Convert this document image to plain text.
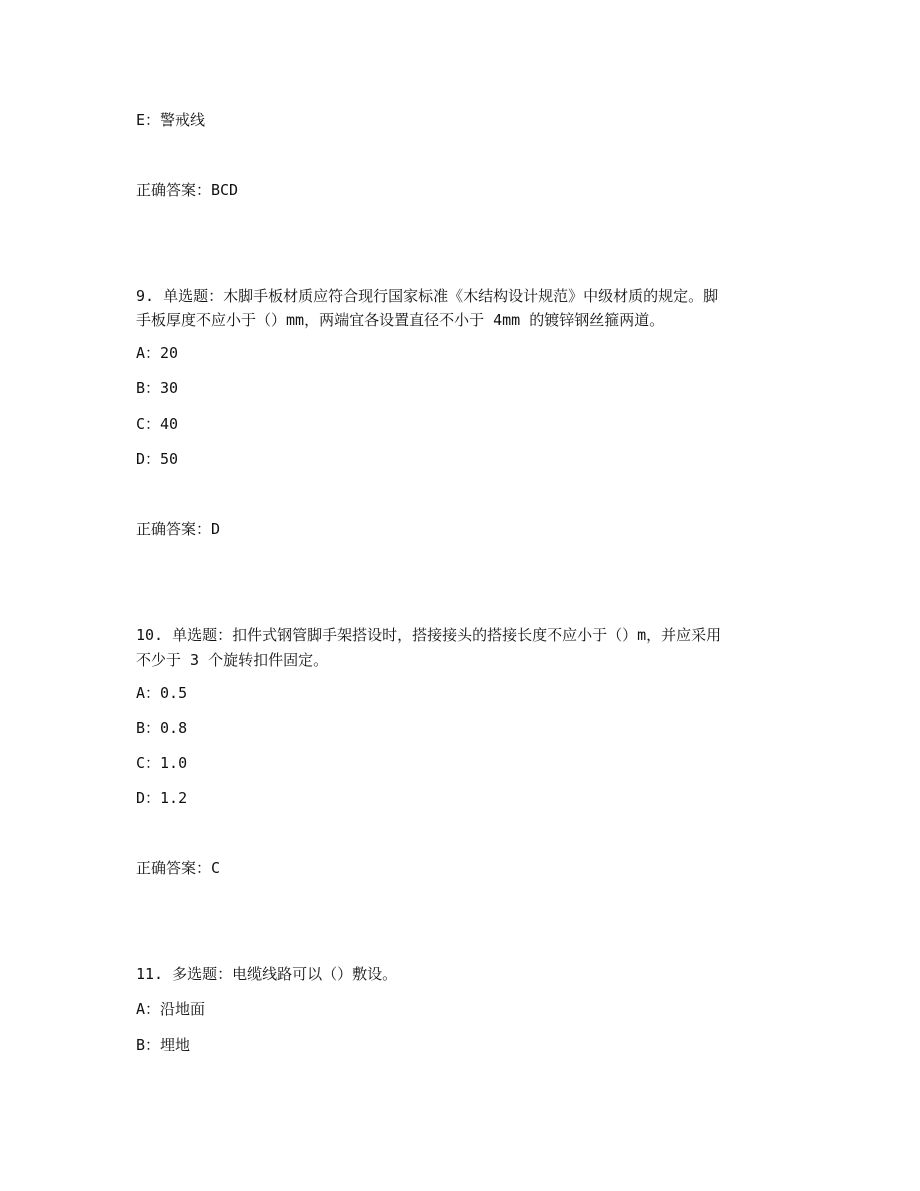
E：警戒线
正确答案：BCD
9. 单选题：木脚手板材质应符合现行国家标准《木结构设计规范》中级材质的规定。脚
手板厚度不应小于（）mm，两端宜各设置直径不小于 4mm 的镀锌钢丝箍两道。
A：20
B：30
C：40
D：50
正确答案：D
10. 单选题：扣件式钢管脚手架搭设时，搭接接头的搭接长度不应小于（）m，并应采用
不少于 3 个旋转扣件固定。
A：0.5
B：0.8
C：1.0
D：1.2
正确答案：C
11. 多选题：电缆线路可以（）敷设。
A：沿地面
B：埋地
